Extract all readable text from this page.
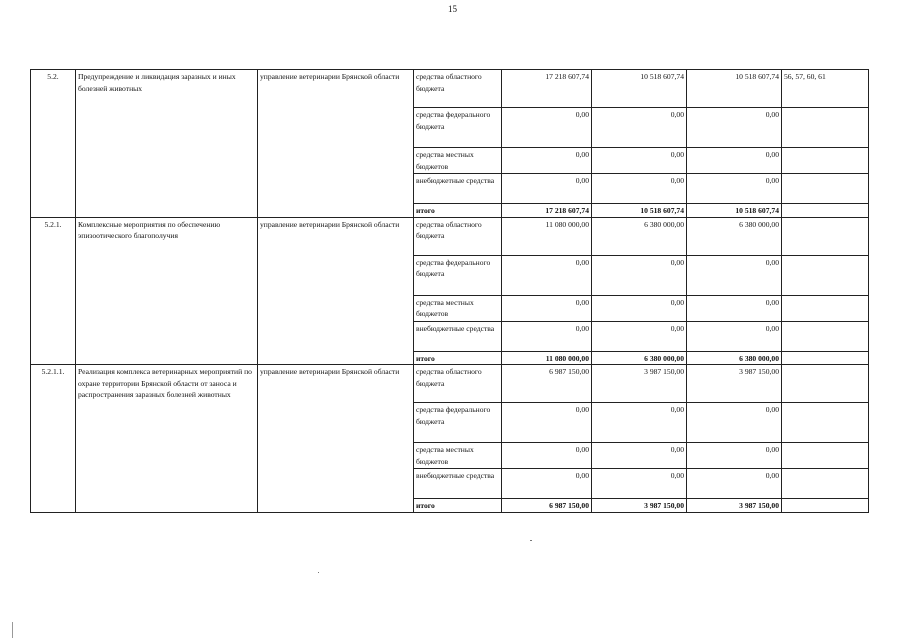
15
5.2.	Предупреждение и ликвидация заразных и иных болезней животных	управление ветеринарии Брянской области	средства областного бюджета	17 218 607,74	10 518 607,74	10 518 607,74	56, 57, 60, 61
			средства федерального бюджета	0,00	0,00	0,00	
			средства местных бюджетов	0,00	0,00	0,00	
			внебюджетные средства	0,00	0,00	0,00	
			итого	17 218 607,74	10 518 607,74	10 518 607,74	
5.2.1.	Комплексные мероприятия по обеспечению эпизоотического благополучия	управление ветеринарии Брянской области	средства областного бюджета	11 080 000,00	6 380 000,00	6 380 000,00	
			средства федерального бюджета	0,00	0,00	0,00	
			средства местных бюджетов	0,00	0,00	0,00	
			внебюджетные средства	0,00	0,00	0,00	
			итого	11 080 000,00	6 380 000,00	6 380 000,00	
5.2.1.1.	Реализация комплекса ветеринарных мероприятий по охране территории Брянской области от заноса и распространения заразных болезней животных	управление ветеринарии Брянской области	средства областного бюджета	6 987 150,00	3 987 150,00	3 987 150,00	
			средства федерального бюджета	0,00	0,00	0,00	
			средства местных бюджетов	0,00	0,00	0,00	
			внебюджетные средства	0,00	0,00	0,00	
			итого	6 987 150,00	3 987 150,00	3 987 150,00	
